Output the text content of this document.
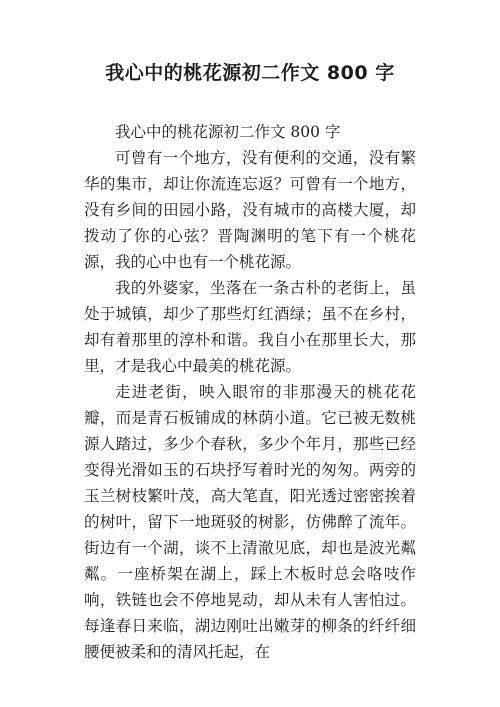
我心中的桃花源初二作文 800 字

我心中的桃花源初二作文 800 字

可曾有一个地方，没有便利的交通，没有繁华的集市，却让你流连忘返？可曾有一个地方，没有乡间的田园小路，没有城市的高楼大厦，却拨动了你的心弦？晋陶渊明的笔下有一个桃花源，我的心中也有一个桃花源。

我的外婆家，坐落在一条古朴的老街上，虽处于城镇，却少了那些灯红酒绿；虽不在乡村，却有着那里的淳朴和谐。我自小在那里长大，那里，才是我心中最美的桃花源。

走进老街，映入眼帘的非那漫天的桃花花瓣，而是青石板铺成的林荫小道。它已被无数桃源人踏过，多少个春秋，多少个年月，那些已经变得光滑如玉的石块抒写着时光的匆匆。两旁的玉兰树枝繁叶茂，高大笔直，阳光透过密密挨着的树叶，留下一地斑驳的树影，仿佛醉了流年。街边有一个湖，谈不上清澈见底，却也是波光粼粼。一座桥架在湖上，踩上木板时总会咯吱作响，铁链也会不停地晃动，却从未有人害怕过。每逢春日来临，湖边刚吐出嫩芽的柳条的纤纤细腰便被柔和的清风托起，在
